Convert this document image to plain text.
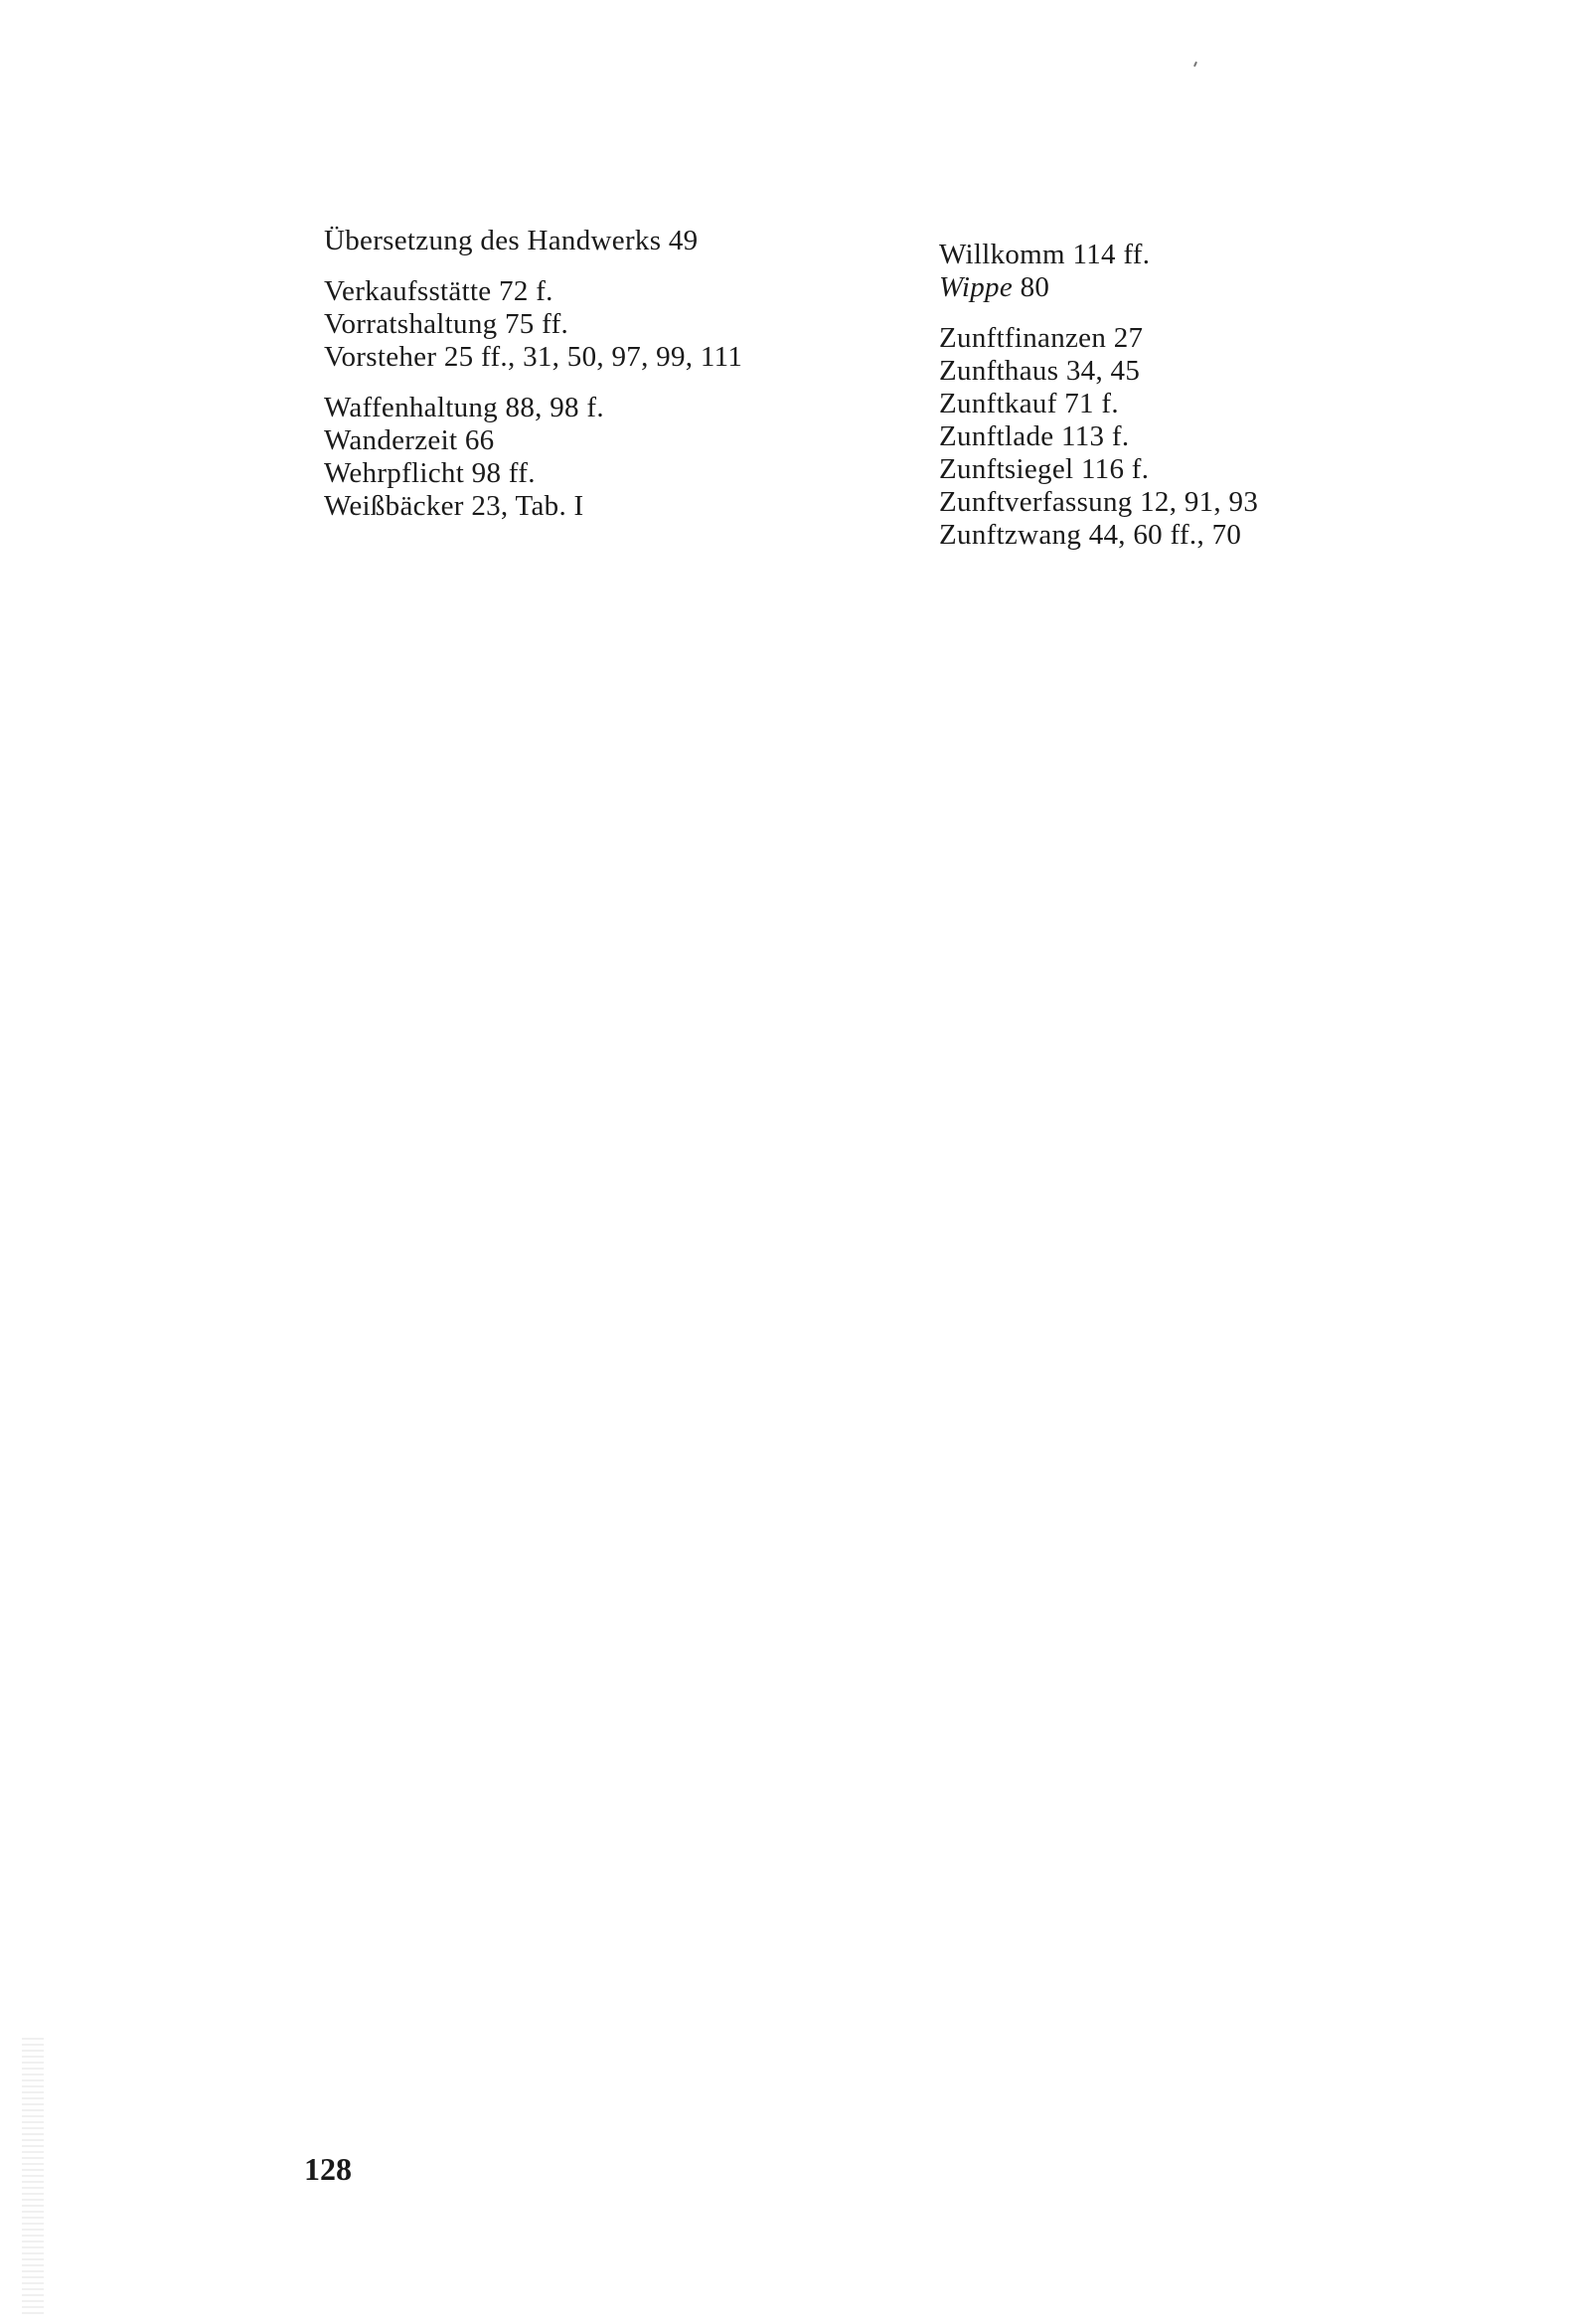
Übersetzung des Handwerks 49
Verkaufsstätte 72 f.
Vorratshaltung 75 ff.
Vorsteher 25 ff., 31, 50, 97, 99, 111
Waffenhaltung 88, 98 f.
Wanderzeit 66
Wehrpflicht 98 ff.
Weißbäcker 23, Tab. I
Willkomm 114 ff.
Wippe 80
Zunftfinanzen 27
Zunfthaus 34, 45
Zunftkauf 71 f.
Zunftlade 113 f.
Zunftsiegel 116 f.
Zunftverfassung 12, 91, 93
Zunftzwang 44, 60 ff., 70
128
